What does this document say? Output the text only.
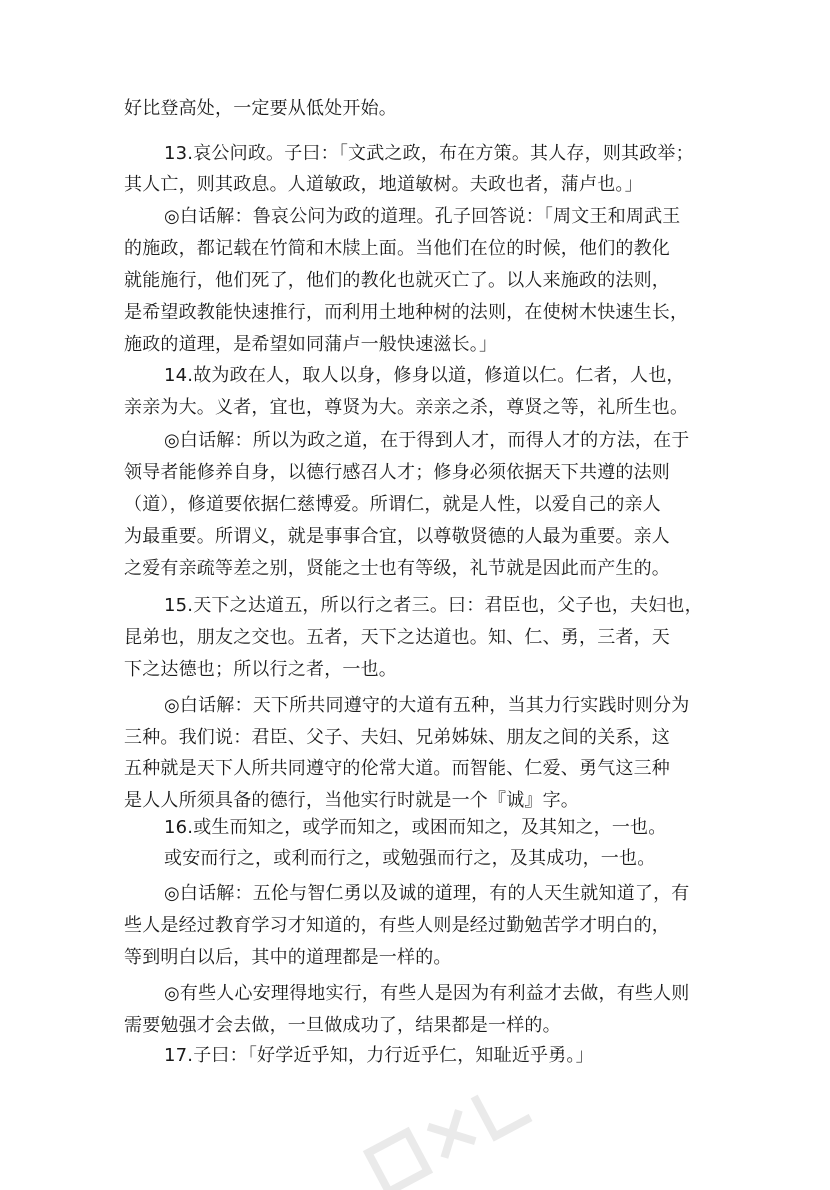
好比登高处，一定要从低处开始。
13.哀公问政。子曰：「文武之政，布在方策。其人存，则其政举；
其人亡，则其政息。人道敏政，地道敏树。夫政也者，蒲卢也。」
◎白话解：鲁哀公问为政的道理。孔子回答说：「周文王和周武王
的施政，都记载在竹简和木牍上面。当他们在位的时候，他们的教化
就能施行，他们死了，他们的教化也就灭亡了。以人来施政的法则，
是希望政教能快速推行，而利用土地种树的法则，在使树木快速生长，
施政的道理，是希望如同蒲卢一般快速滋长。」
14.故为政在人，取人以身，修身以道，修道以仁。仁者，人也，
亲亲为大。义者，宜也，尊贤为大。亲亲之杀，尊贤之等，礼所生也。
◎白话解：所以为政之道，在于得到人才，而得人才的方法，在于
领导者能修养自身，以德行感召人才；修身必须依据天下共遵的法则
（道），修道要依据仁慈博爱。所谓仁，就是人性，以爱自己的亲人
为最重要。所谓义，就是事事合宜，以尊敬贤德的人最为重要。亲人
之爱有亲疏等差之别，贤能之士也有等级，礼节就是因此而产生的。
15.天下之达道五，所以行之者三。曰：君臣也，父子也，夫妇也，
昆弟也，朋友之交也。五者，天下之达道也。知、仁、勇，三者，天
下之达德也；所以行之者，一也。
◎白话解：天下所共同遵守的大道有五种，当其力行实践时则分为
三种。我们说：君臣、父子、夫妇、兄弟姊妹、朋友之间的关系，这
五种就是天下人所共同遵守的伦常大道。而智能、仁爱、勇气这三种
是人人所须具备的德行，当他实行时就是一个『诚』字。
16.或生而知之，或学而知之，或困而知之，及其知之，一也。
或安而行之，或利而行之，或勉强而行之，及其成功，一也。
◎白话解：五伦与智仁勇以及诚的道理，有的人天生就知道了，有
些人是经过教育学习才知道的，有些人则是经过勤勉苦学才明白的，
等到明白以后，其中的道理都是一样的。
◎有些人心安理得地实行，有些人是因为有利益才去做，有些人则
需要勉强才会去做，一旦做成功了，结果都是一样的。
17.子曰：「好学近乎知，力行近乎仁，知耻近乎勇。」
